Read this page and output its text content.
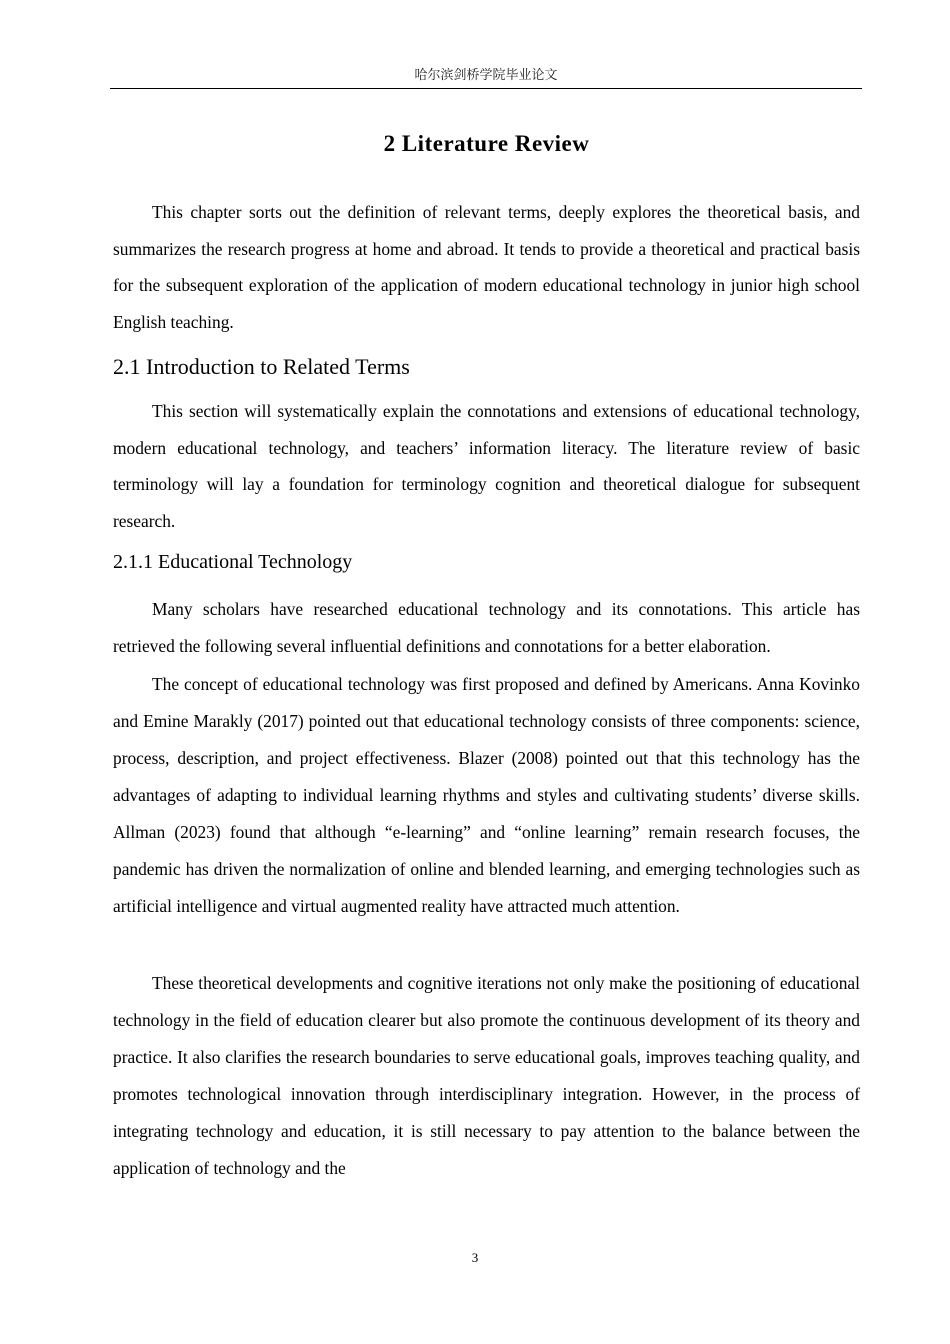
哈尔滨剑桥学院毕业论文
2 Literature Review

This chapter sorts out the definition of relevant terms, deeply explores the theoretical basis, and summarizes the research progress at home and abroad. It tends to provide a theoretical and practical basis for the subsequent exploration of the application of modern educational technology in junior high school English teaching.

2.1 Introduction to Related Terms

This section will systematically explain the connotations and extensions of educational technology, modern educational technology, and teachers’ information literacy. The literature review of basic terminology will lay a foundation for terminology cognition and theoretical dialogue for subsequent research.

2.1.1 Educational Technology

Many scholars have researched educational technology and its connotations. This article has retrieved the following several influential definitions and connotations for a better elaboration.

The concept of educational technology was first proposed and defined by Americans. Anna Kovinko and Emine Marakly (2017) pointed out that educational technology consists of three components: science, process, description, and project effectiveness. Blazer (2008) pointed out that this technology has the advantages of adapting to individual learning rhythms and styles and cultivating students’ diverse skills. Allman (2023) found that although “e-learning” and “online learning” remain research focuses, the pandemic has driven the normalization of online and blended learning, and emerging technologies such as artificial intelligence and virtual augmented reality have attracted much attention.

These theoretical developments and cognitive iterations not only make the positioning of educational technology in the field of education clearer but also promote the continuous development of its theory and practice. It also clarifies the research boundaries to serve educational goals, improves teaching quality, and promotes technological innovation through interdisciplinary integration. However, in the process of integrating technology and education, it is still necessary to pay attention to the balance between the application of technology and the

3
